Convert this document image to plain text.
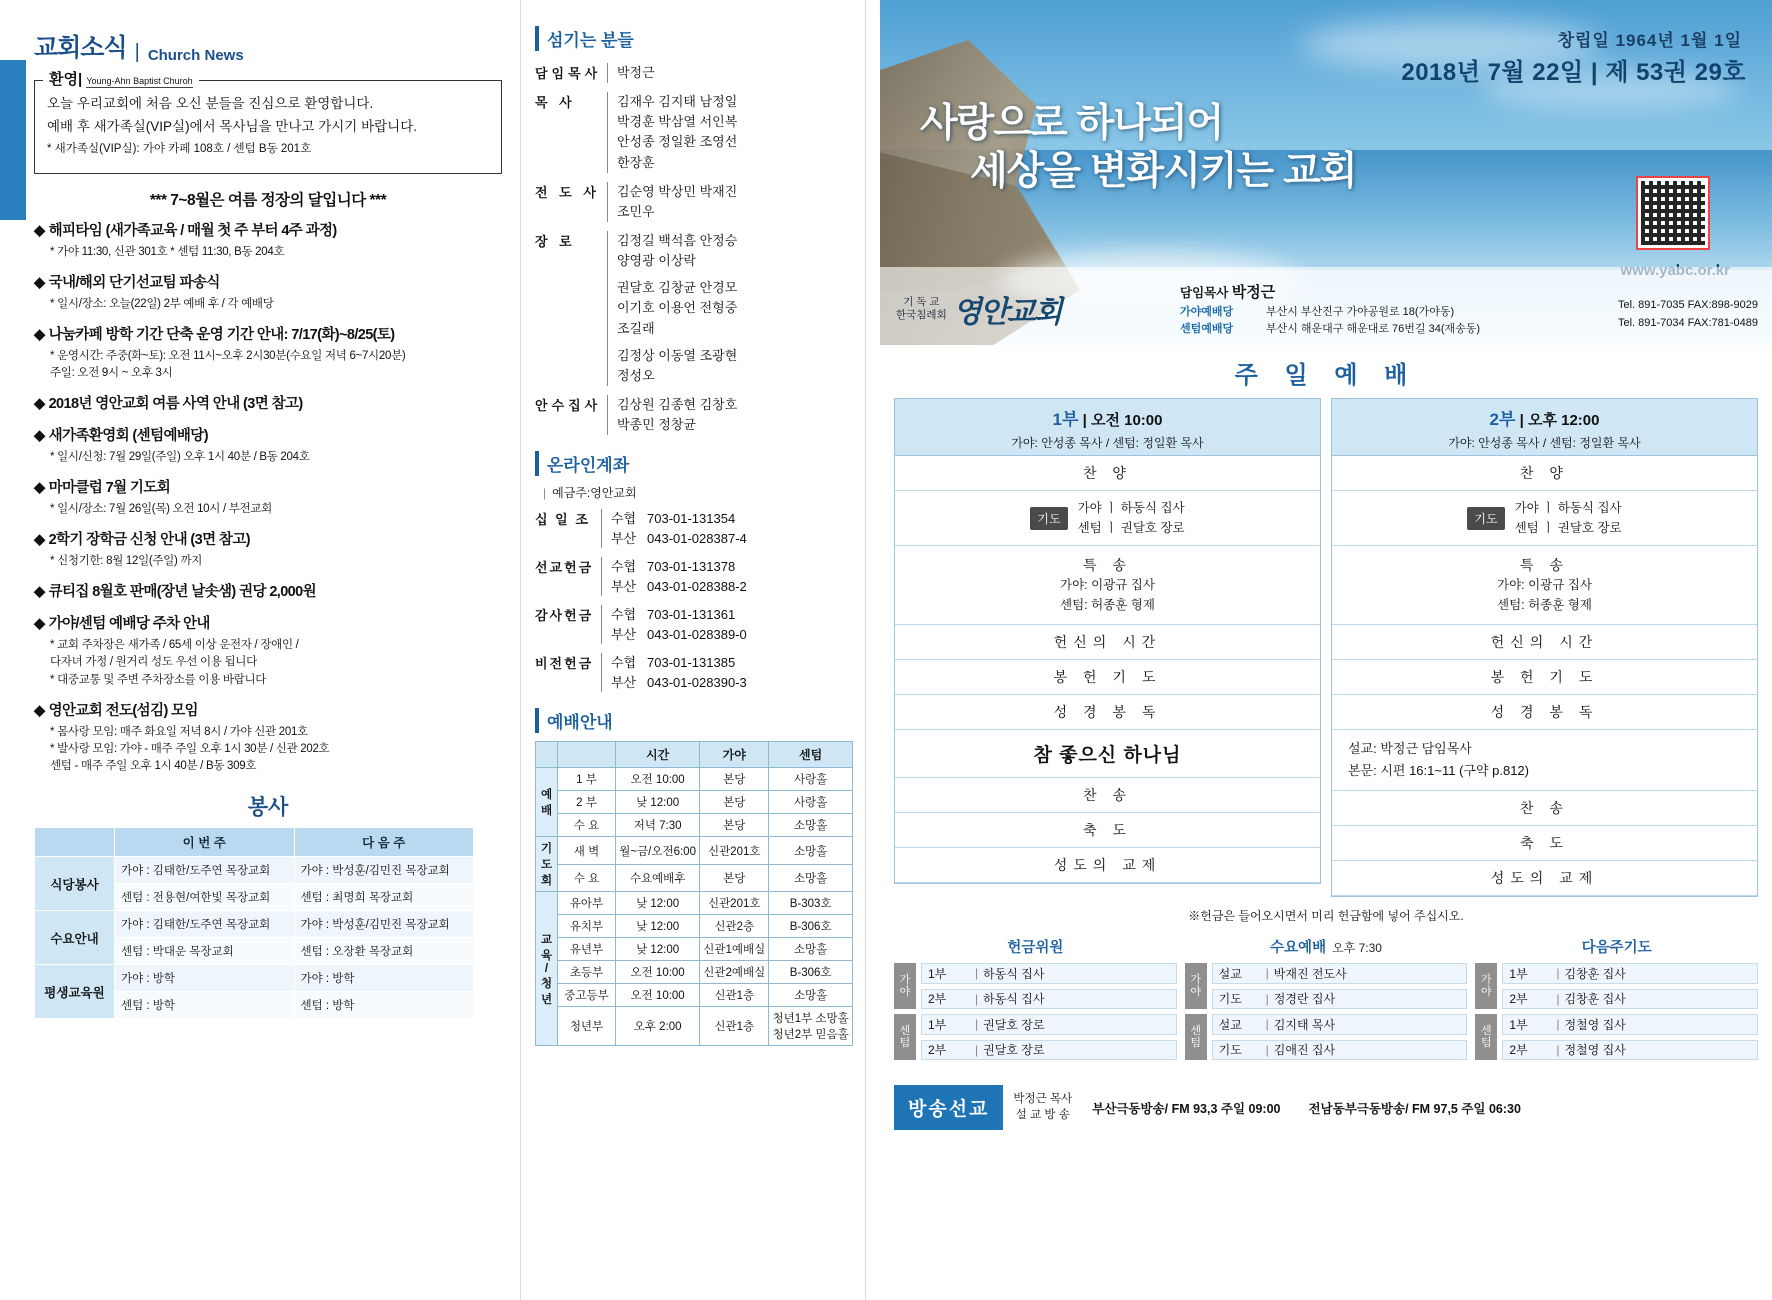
교회소식 | Church News
환영| Young-Ahn Baptist Churoh

오늘 우리교회에 처음 오신 분들을 진심으로 환영합니다.

예배 후 새가족실(VIP실)에서 목사님을 만나고 가시기 바랍니다.

* 새가족실(VIP실): 가야 카페 108호 / 센텀 B동 201호

*** 7~8월은 여름 정장의 달입니다 ***
◆ 해피타임 (새가족교육 / 매월 첫 주 부터 4주 과정)
* 가야 11:30, 신관 301호 * 센텀 11:30, B동 204호
◆ 국내/해외 단기선교팀 파송식
* 일시/장소: 오늘(22일) 2부 예배 후 / 각 예배당
◆ 나눔카페 방학 기간 단축 운영 기간 안내: 7/17(화)~8/25(토)
* 운영시간: 주중(화~토): 오전 11시~오후 2시30분(수요일 저녁 6~7시20분)
주일: 오전 9시 ~ 오후 3시
◆ 2018년 영안교회 여름 사역 안내 (3면 참고)
◆ 새가족환영회 (센텀예배당)
* 일시/신청: 7월 29일(주일) 오후 1시 40분 / B동 204호
◆ 마마클럽 7월 기도회
* 일시/장소: 7월 26일(목) 오전 10시 / 부전교회
◆ 2학기 장학금 신청 안내 (3면 참고)
* 신청기한: 8월 12일(주일) 까지
◆ 큐티집 8월호 판매(장년 날솟샘) 권당 2,000원
◆ 가야/센텀 예배당 주차 안내
* 교회 주차장은 새가족 / 65세 이상 운전자 / 장애인 /
다자녀 가정 / 원거리 성도 우선 이용 됩니다
* 대중교통 및 주변 주차장소를 이용 바랍니다
◆ 영안교회 전도(섬김) 모임
* 몸사랑 모임: 매주 화요일 저녁 8시 / 가야 신관 201호
* 발사랑 모임: 가야 - 매주 주일 오후 1시 30분 / 신관 202호
센텀 - 매주 주일 오후 1시 40분 / B동 309호
봉사
	이 번 주	다 음 주
식당봉사	가야 : 김태한/도주연 목장교회	가야 : 박성훈/김민진 목장교회
	센텀 : 전용현/여한빛 목장교회	센텀 : 최명희 목장교회
수요안내	가야 : 김태한/도주연 목장교회	가야 : 박성훈/김민진 목장교회
	센텀 : 박대운 목장교회	센텀 : 오장환 목장교회
평생교육원	가야 : 방학	가야 : 방학
	센텀 : 방학	센텀 : 방학
섬기는 분들
담임목사	박정근

목 사	김재우 김지태 남정일
박경훈 박삼열 서인복
안성종 정일환 조영선
한장훈

전 도 사	김순영 박상민 박재진
조민우

장 로	김정길 백석흠 안정승
양영광 이상락

권달호 김창균 안경모
이기호 이용언 전형중
조길래

김정상 이동열 조광현
정성오

안수집사	김상원 김종현 김창호
박종민 정창균

온라인계좌
| 예금주:영안교회
십 일 조	수협 703-01-131354
부산 043-01-028387-4

선교헌금	수협 703-01-131378
부산 043-01-028388-2

감사헌금	수협 703-01-131361
부산 043-01-028389-0

비전헌금	수협 703-01-131385
부산 043-01-028390-3

예배안내
		시간	가야	센텀
예
배	1 부	오전 10:00	본당	사랑홀
	2 부	낮 12:00	본당	사랑홀
	수 요	저녁 7:30	본당	소망홀
기
도
회	새 벽	월~금/오전6:00	신관201호	소망홀
	수 요	수요예배후	본당	소망홀
교
육
/
청
년	유아부	낮 12:00	신관201호	B-303호
	유치부	낮 12:00	신관2층	B-306호
	유년부	낮 12:00	신관1예배실	소망홀
	초등부	오전 10:00	신관2예배실	B-306호
	중고등부	오전 10:00	신관1층	소망홀
	청년부	오후 2:00	신관1층	청년1부 소망홀
청년2부 믿음홀
창립일 1964년 1월 1일
2018년 7월 22일 | 제 53권 29호
사랑으로 하나되어
세상을 변화시키는 교회
기 독 교
한국침례회 영안교회
담임목사 박정근
가야예배당	부산시 부산진구 가야공원로 18(가야동)
센텀예배당	부산시 해운대구 해운대로 76번길 34(재송동)
Tel. 891-7035 FAX:898-9029
Tel. 891-7034 FAX:781-0489
주 일 예 배
1부 | 오전 10:00
가야: 안성종 목사 / 센텀: 정일환 목사
찬 양
기도
가야 ㅣ 하동식 집사
센텀 ㅣ 권달호 장로
특 송
가야: 이광규 집사
센텀: 허종훈 형제
헌신의 시간
봉 헌 기 도
성 경 봉 독
참 좋으신 하나님
찬 송
축 도
성도의 교제
2부 | 오후 12:00
가야: 안성종 목사 / 센텀: 정일환 목사
찬 양
기도
가야 ㅣ 하동식 집사
센텀 ㅣ 권달호 장로
특 송
가야: 이광규 집사
센텀: 허종훈 형제
헌신의 시간
봉 헌 기 도
성 경 봉 독
설교: 박정근 담임목사
본문: 시편 16:1~11 (구약 p.812)
찬 송
축 도
성도의 교제
※헌금은 들어오시면서 미리 헌금함에 넣어 주십시오.
헌금위원
가
야
1부	| 하동식 집사
2부	| 하동식 집사
센
텀
1부	| 권달호 장로
2부	| 권달호 장로
수요예배 오후 7:30
가
야
설교	| 박재진 전도사
기도	| 정경란 집사
센
텀
설교	| 김지태 목사
기도	| 김애진 집사
다음주기도
가
야
1부	| 김창훈 집사
2부	| 김창훈 집사
센
텀
1부	| 정철영 집사
2부	| 정철영 집사
방송선교
박정근 목사
설 교 방 송 부산극동방송/ FM 93,3 주일 09:00 전남동부극동방송/ FM 97,5 주일 06:30
